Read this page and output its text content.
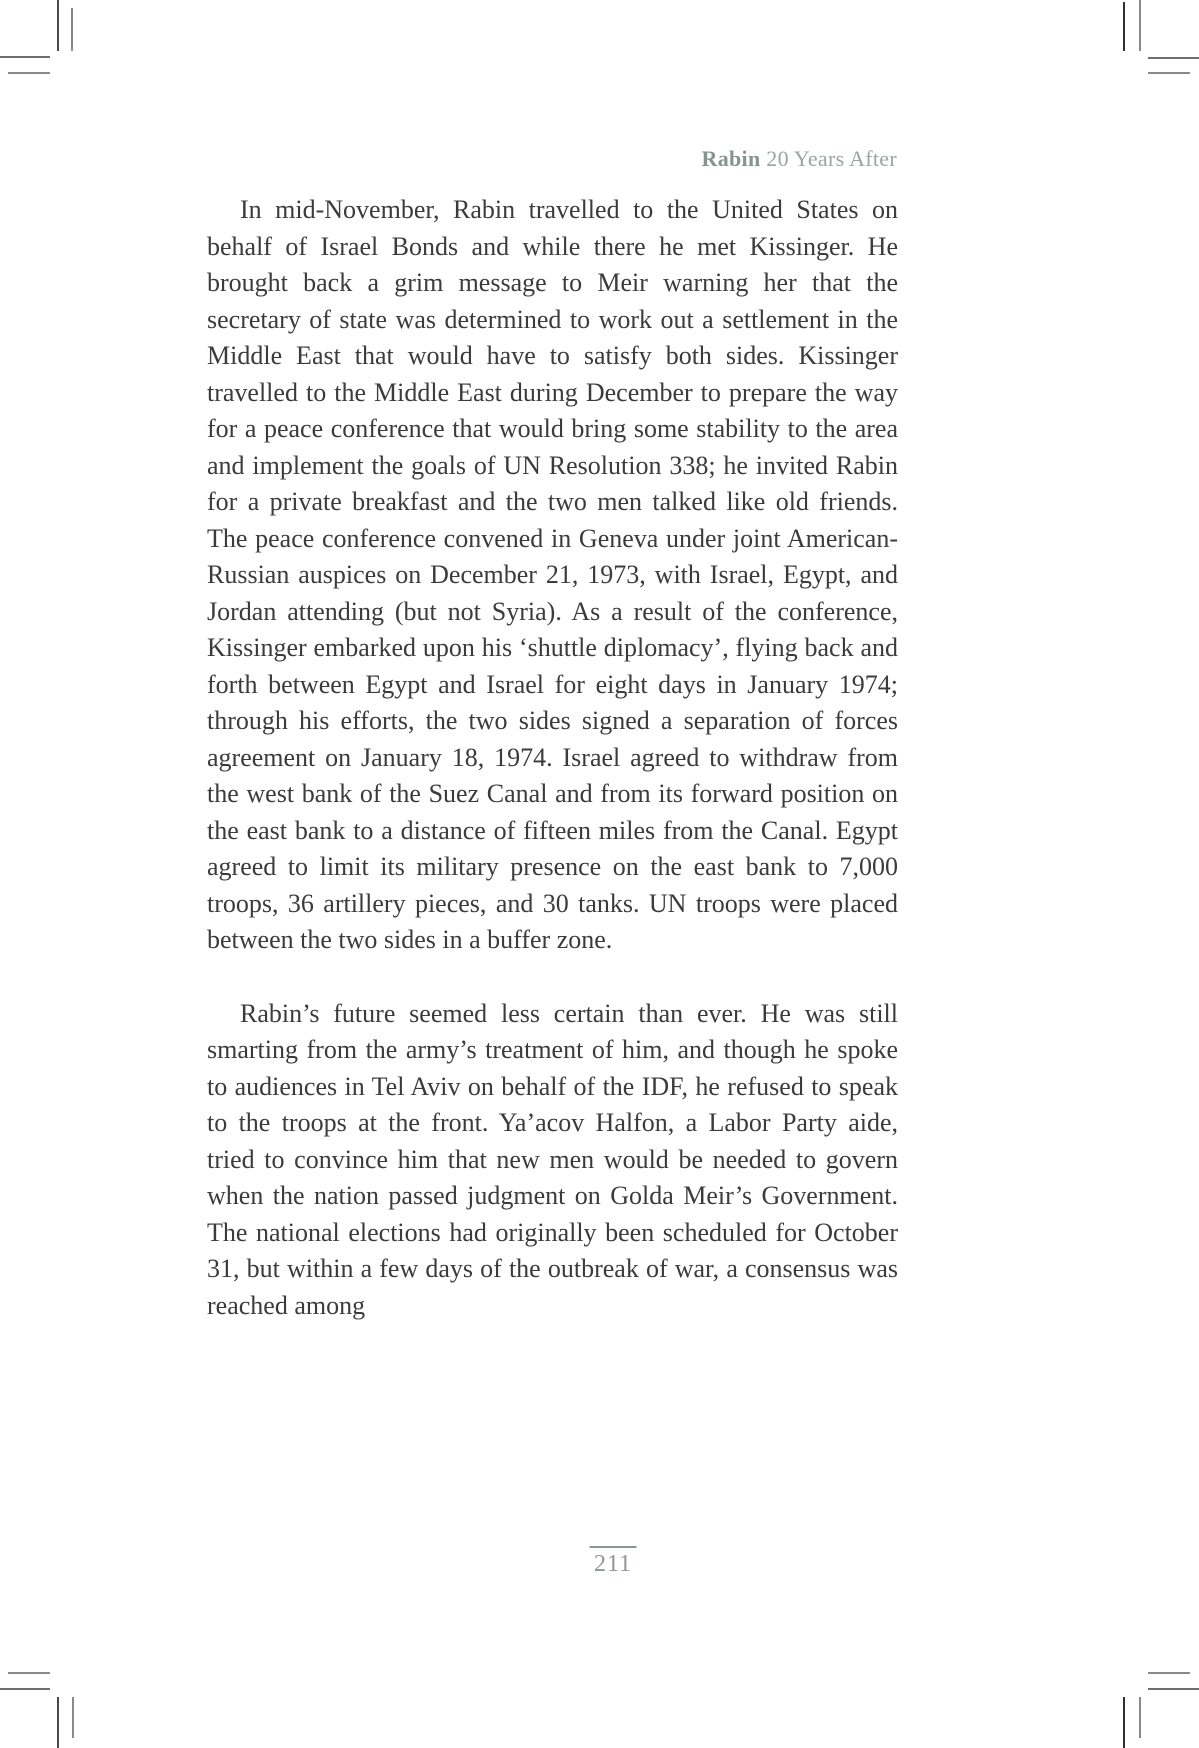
Rabin 20 Years After

In mid-November, Rabin travelled to the United States on behalf of Israel Bonds and while there he met Kissinger. He brought back a grim message to Meir warning her that the secretary of state was determined to work out a settlement in the Middle East that would have to satisfy both sides. Kissinger travelled to the Middle East during December to prepare the way for a peace conference that would bring some stability to the area and implement the goals of UN Resolution 338; he invited Rabin for a private breakfast and the two men talked like old friends. The peace conference convened in Geneva under joint American-Russian auspices on December 21, 1973, with Israel, Egypt, and Jordan attending (but not Syria). As a result of the conference, Kissinger embarked upon his ‘shuttle diplomacy’, flying back and forth between Egypt and Israel for eight days in January 1974; through his efforts, the two sides signed a separation of forces agreement on January 18, 1974. Israel agreed to withdraw from the west bank of the Suez Canal and from its forward position on the east bank to a distance of fifteen miles from the Canal. Egypt agreed to limit its military presence on the east bank to 7,000 troops, 36 artillery pieces, and 30 tanks. UN troops were placed between the two sides in a buffer zone.

Rabin’s future seemed less certain than ever. He was still smarting from the army’s treatment of him, and though he spoke to audiences in Tel Aviv on behalf of the IDF, he refused to speak to the troops at the front. Ya’acov Halfon, a Labor Party aide, tried to convince him that new men would be needed to govern when the nation passed judgment on Golda Meir’s Government. The national elections had originally been scheduled for October 31, but within a few days of the outbreak of war, a consensus was reached among

211
